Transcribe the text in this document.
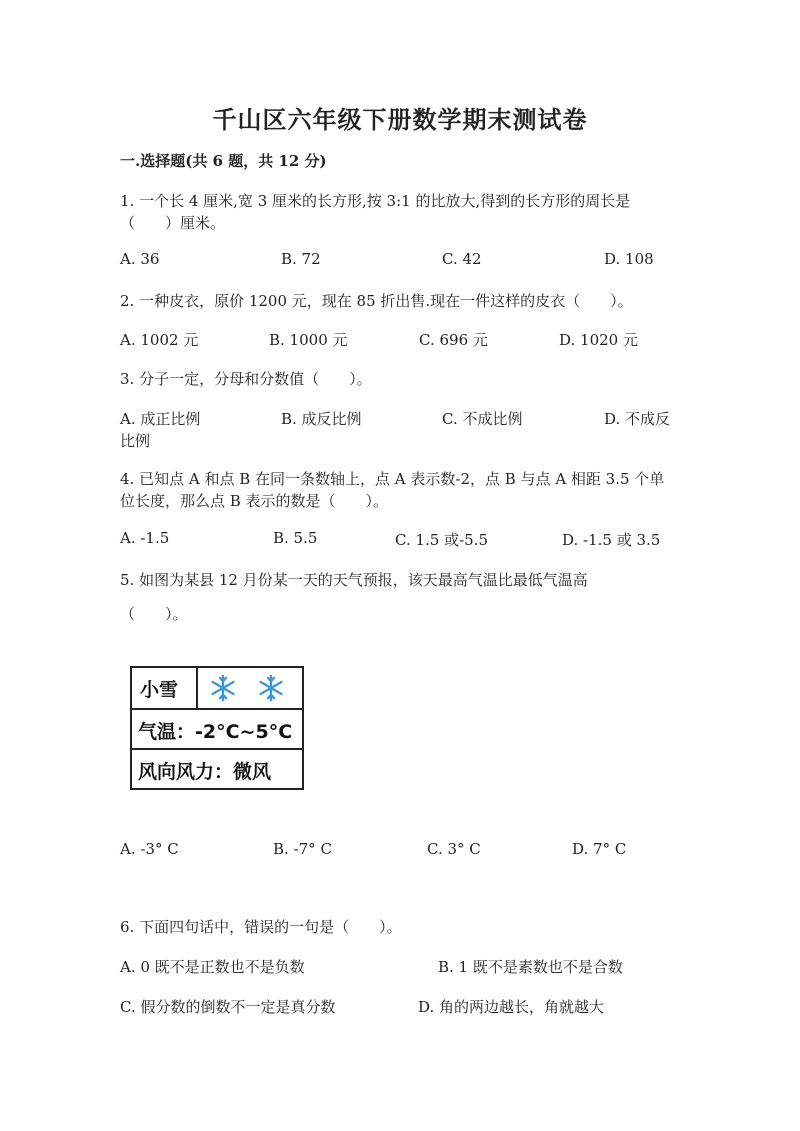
千山区六年级下册数学期末测试卷
一.选择题(共 6 题，共 12 分)
1. 一个长 4 厘米,宽 3 厘米的长方形,按 3:1 的比放大,得到的长方形的周长是
（　　）厘米。
A. 36	B. 72	C. 42	D. 108
2. 一种皮衣，原价 1200 元，现在 85 折出售.现在一件这样的皮衣（　　）。
A. 1002 元	B. 1000 元	C. 696 元	D. 1020 元
3. 分子一定，分母和分数值（　　）。
A. 成正比例	B. 成反比例	C. 不成比例	D. 不成反
比例
4. 已知点 A 和点 B 在同一条数轴上，点 A 表示数-2，点 B 与点 A 相距 3.5 个单
位长度，那么点 B 表示的数是（　　）。
A. -1.5	B. 5.5	C. 1.5 或-5.5	D. -1.5 或 3.5
5. 如图为某县 12 月份某一天的天气预报，该天最高气温比最低气温高
（　　）。
小雪
气温：-2°C~5°C
风向风力：微风
A. -3° C	B. -7° C	C. 3° C	D. 7° C
6. 下面四句话中，错误的一句是（　　）。
A. 0 既不是正数也不是负数	B. 1 既不是素数也不是合数
C. 假分数的倒数不一定是真分数	D. 角的两边越长，角就越大
